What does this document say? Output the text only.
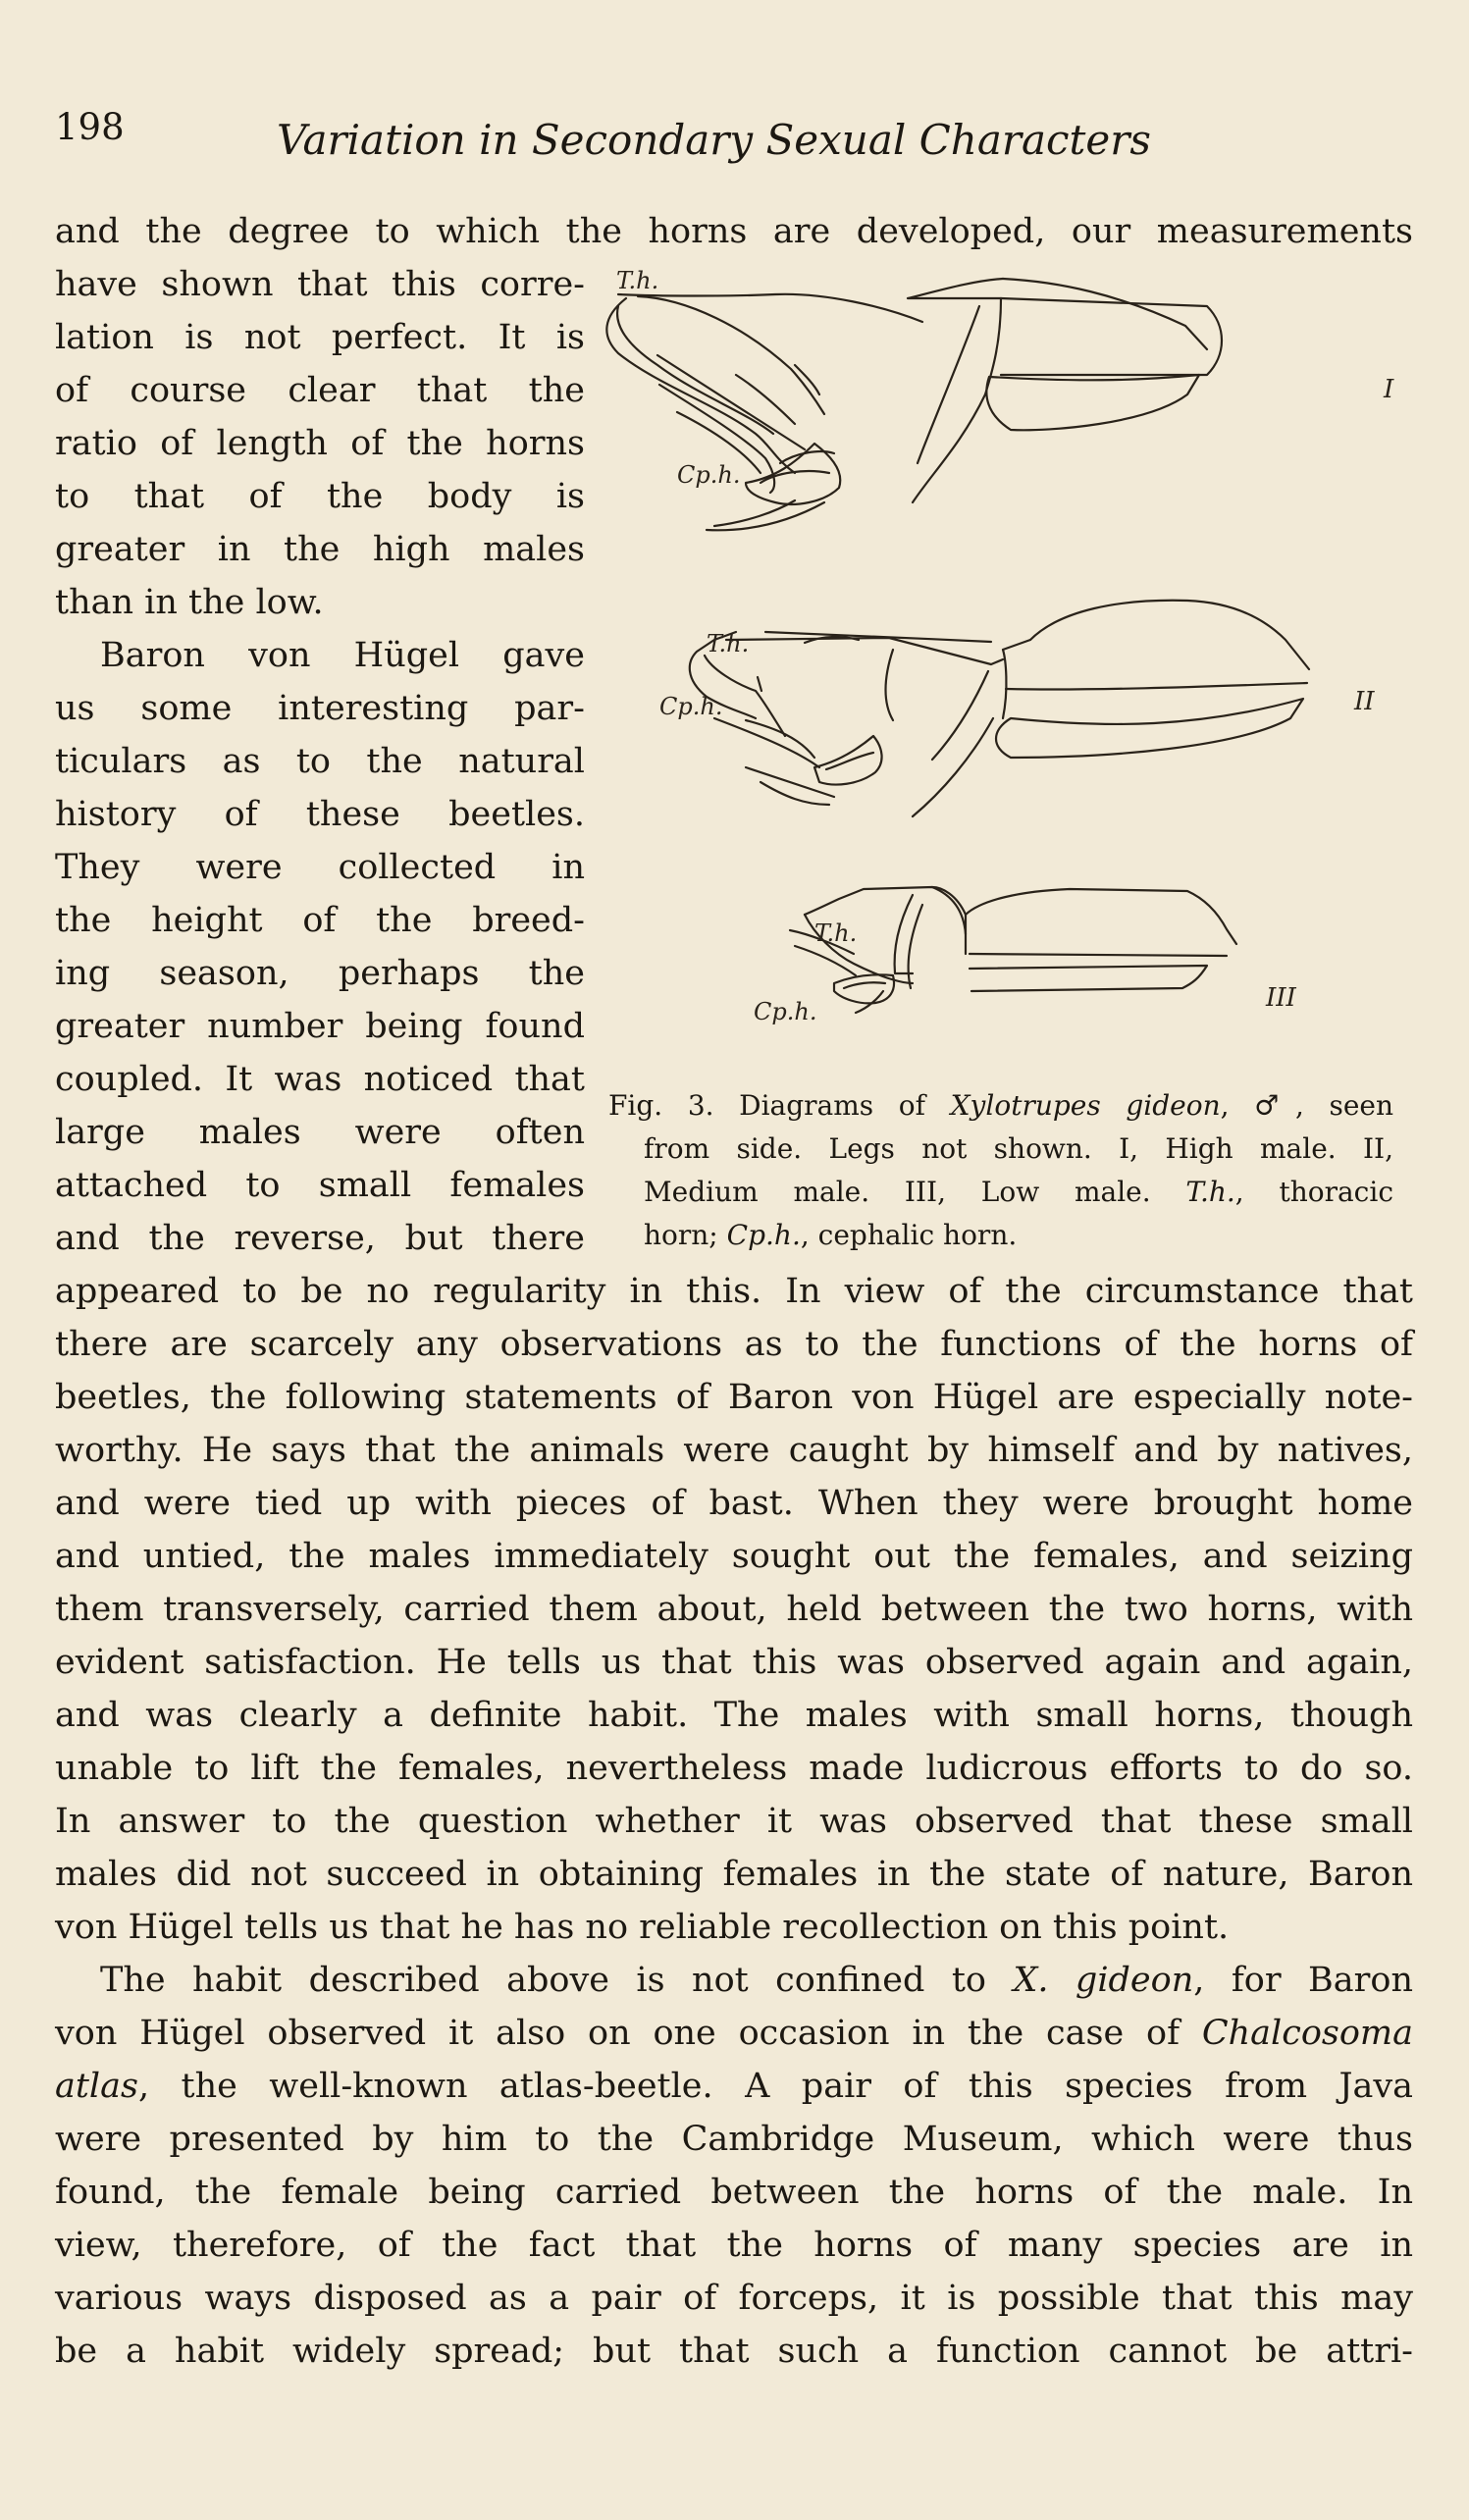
198	Variation in Secondary Sexual Characters
and the degree to which the horns are developed, our measurements
have shown that this corre-
lation is not perfect. It is
of course clear that the
ratio of length of the horns
to that of the body is
greater in the high males
than in the low.
Baron von Hügel gave
us some interesting par-
ticulars as to the natural
history of these beetles.
They were collected in
the height of the breed-
ing season, perhaps the
greater number being found
coupled. It was noticed that
large males were often
attached to small females
and the reverse, but there
appeared to be no regularity in this. In view of the circumstance that
there are scarcely any observations as to the functions of the horns of
beetles, the following statements of Baron von Hügel are especially note-
worthy. He says that the animals were caught by himself and by natives,
and were tied up with pieces of bast. When they were brought home
and untied, the males immediately sought out the females, and seizing
them transversely, carried them about, held between the two horns, with
evident satisfaction. He tells us that this was observed again and again,
and was clearly a definite habit. The males with small horns, though
unable to lift the females, nevertheless made ludicrous efforts to do so.
In answer to the question whether it was observed that these small
males did not succeed in obtaining females in the state of nature, Baron
von Hügel tells us that he has no reliable recollection on this point.
The habit described above is not confined to X. gideon, for Baron
von Hügel observed it also on one occasion in the case of Chalcosoma
atlas, the well-known atlas-beetle. A pair of this species from Java
were presented by him to the Cambridge Museum, which were thus
found, the female being carried between the horns of the male. In
view, therefore, of the fact that the horns of many species are in
various ways disposed as a pair of forceps, it is possible that this may
be a habit widely spread; but that such a function cannot be attri-
T.h.
Cp.h.
I
T.h.
Cp.h.	II
T.h.
Cp.h.	III
Fig. 3. Diagrams of Xylotrupes gideon, ♂, seen
from side. Legs not shown. I, High male. II,
Medium male. III, Low male. T.h., thoracic
horn; Cp.h., cephalic horn.
